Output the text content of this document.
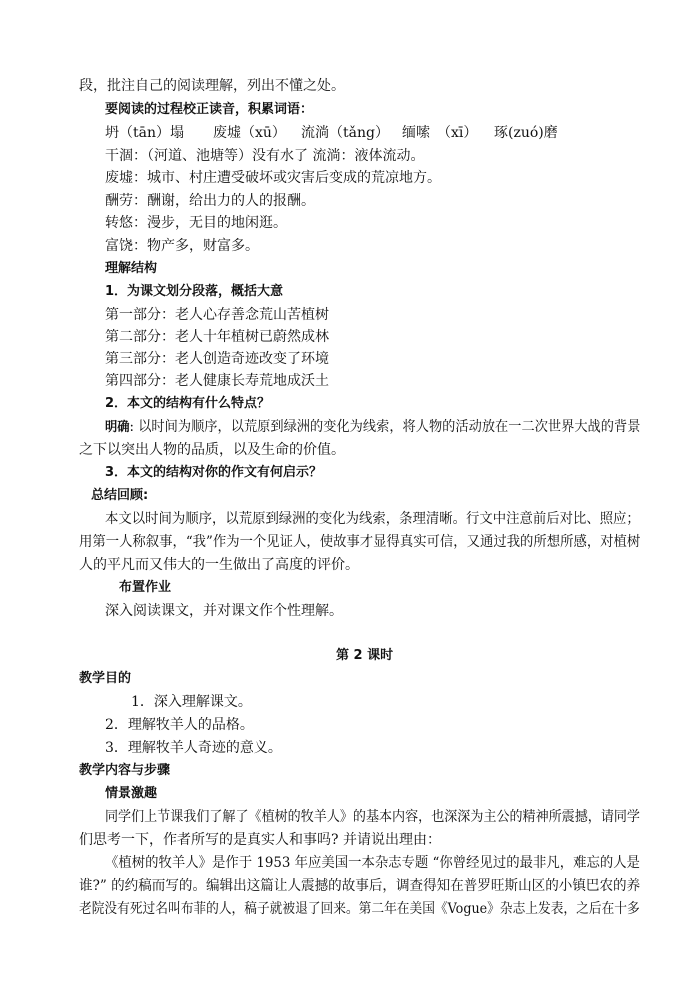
段，批注自己的阅读理解，列出不懂之处。
要阅读的过程校正读音，积累词语：
坍（tān）塌 废墟（xū） 流淌（tǎng） 缅嗦　（xī） 琢(zuó)磨
干涸：（河道、池塘等）没有水了 流淌：液体流动。
废墟：城市、村庄遭受破坏或灾害后变成的荒凉地方。
酬劳：酬谢，给出力的人的报酬。
转悠：漫步，无目的地闲逛。
富饶：物产多，财富多。
理解结构
1．为课文划分段落，概括大意
第一部分：老人心存善念荒山苦植树
第二部分：老人十年植树已蔚然成林
第三部分：老人创造奇迹改变了环境
第四部分：老人健康长寿荒地成沃土
2．本文的结构有什么特点？
明确: 以时间为顺序，以荒原到绿洲的变化为线索，将人物的活动放在一二次世界大战的背景
之下以突出人物的品质，以及生命的价值。
3．本文的结构对你的作文有何启示？
总结回顾:
本文以时间为顺序，以荒原到绿洲的变化为线索，条理清晰。行文中注意前后对比、照应；
用第一人称叙事，“我”作为一个见证人，使故事才显得真实可信，又通过我的所想所感，对植树
人的平凡而又伟大的一生做出了高度的评价。
布置作业
深入阅读课文，并对课文作个性理解。
第 2 课时
教学目的
1．深入理解课文。
2．理解牧羊人的品格。
3．理解牧羊人奇迹的意义。
教学内容与步骤
情景激趣
同学们上节课我们了解了《植树的牧羊人》的基本内容，也深深为主公的精神所震撼，请同学
们思考一下，作者所写的是真实人和事吗? 并请说出理由：
《植树的牧羊人》是作于 1953 年应美国一本杂志专题 “你曾经见过的最非凡，难忘的人是
谁?” 的约稿而写的。编辑出这篇让人震撼的故事后，调查得知在普罗旺斯山区的小镇巴农的养
老院没有死过名叫布菲的人，稿子就被退了回来。第二年在美国《Vogue》杂志上发表，之后在十多
